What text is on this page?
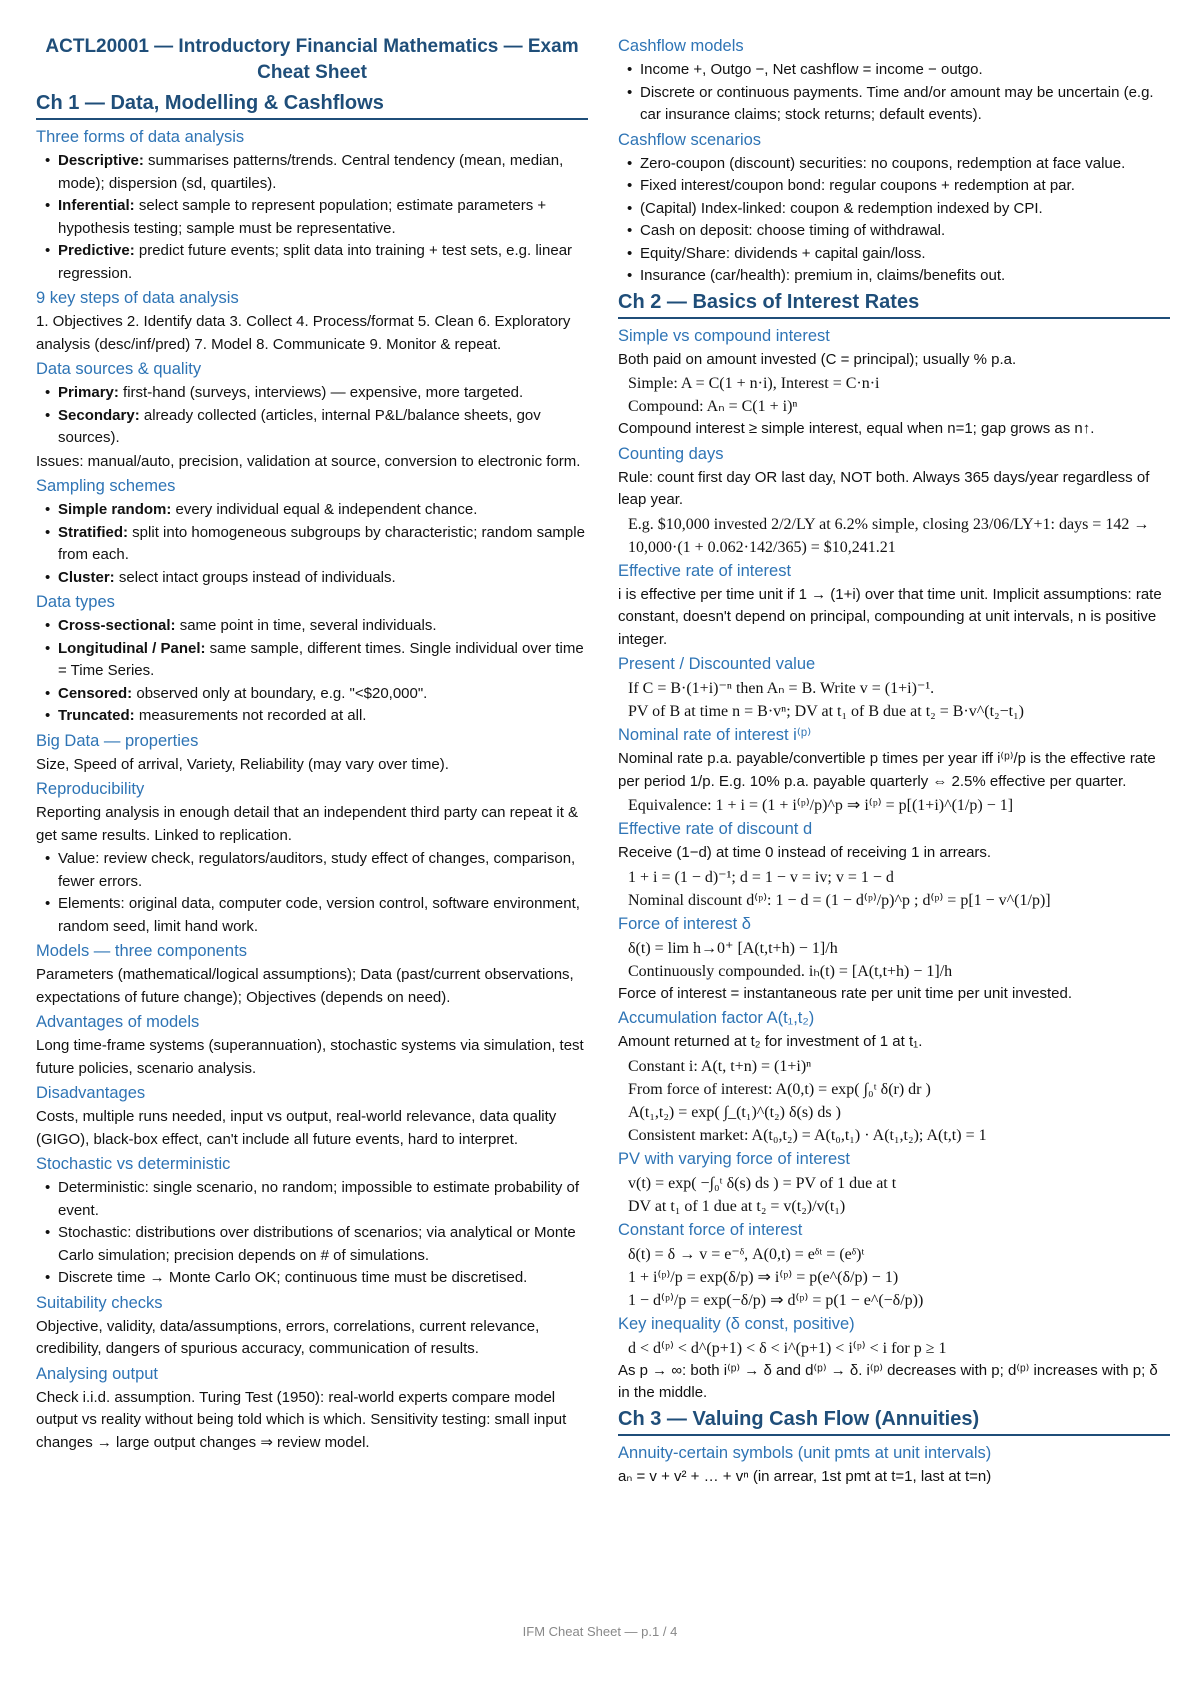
ACTL20001 — Introductory Financial Mathematics — Exam Cheat Sheet
Ch 1 — Data, Modelling & Cashflows
Three forms of data analysis
• Descriptive: summarises patterns/trends. Central tendency (mean, median, mode); dispersion (sd, quartiles).
• Inferential: select sample to represent population; estimate parameters + hypothesis testing; sample must be representative.
• Predictive: predict future events; split data into training + test sets, e.g. linear regression.
9 key steps of data analysis

1. Objectives 2. Identify data 3. Collect 4. Process/format 5. Clean 6. Exploratory analysis (desc/inf/pred) 7. Model 8. Communicate 9. Monitor & repeat.

Data sources & quality
• Primary: first-hand (surveys, interviews) — expensive, more targeted.
• Secondary: already collected (articles, internal P&L/balance sheets, gov sources).

Issues: manual/auto, precision, validation at source, conversion to electronic form.

Sampling schemes
• Simple random: every individual equal & independent chance.
• Stratified: split into homogeneous subgroups by characteristic; random sample from each.
• Cluster: select intact groups instead of individuals.
Data types
• Cross-sectional: same point in time, several individuals.
• Longitudinal / Panel: same sample, different times. Single individual over time = Time Series.
• Censored: observed only at boundary, e.g. "<$20,000".
• Truncated: measurements not recorded at all.
Big Data — properties

Size, Speed of arrival, Variety, Reliability (may vary over time).

Reproducibility

Reporting analysis in enough detail that an independent third party can repeat it & get same results. Linked to replication.

• Value: review check, regulators/auditors, study effect of changes, comparison, fewer errors.
• Elements: original data, computer code, version control, software environment, random seed, limit hand work.
Models — three components

Parameters (mathematical/logical assumptions); Data (past/current observations, expectations of future change); Objectives (depends on need).

Advantages of models

Long time-frame systems (superannuation), stochastic systems via simulation, test future policies, scenario analysis.

Disadvantages

Costs, multiple runs needed, input vs output, real-world relevance, data quality (GIGO), black-box effect, can't include all future events, hard to interpret.

Stochastic vs deterministic
• Deterministic: single scenario, no random; impossible to estimate probability of event.
• Stochastic: distributions over distributions of scenarios; via analytical or Monte Carlo simulation; precision depends on # of simulations.
• Discrete time → Monte Carlo OK; continuous time must be discretised.
Suitability checks

Objective, validity, data/assumptions, errors, correlations, current relevance, credibility, dangers of spurious accuracy, communication of results.

Analysing output

Check i.i.d. assumption. Turing Test (1950): real-world experts compare model output vs reality without being told which is which. Sensitivity testing: small input changes → large output changes ⇒ review model.

Cashflow models
• Income +, Outgo −, Net cashflow = income − outgo.
• Discrete or continuous payments. Time and/or amount may be uncertain (e.g. car insurance claims; stock returns; default events).
Cashflow scenarios
• Zero-coupon (discount) securities: no coupons, redemption at face value.
• Fixed interest/coupon bond: regular coupons + redemption at par.
• (Capital) Index-linked: coupon & redemption indexed by CPI.
• Cash on deposit: choose timing of withdrawal.
• Equity/Share: dividends + capital gain/loss.
• Insurance (car/health): premium in, claims/benefits out.
Ch 2 — Basics of Interest Rates
Simple vs compound interest

Both paid on amount invested (C = principal); usually % p.a.

Simple: A = C(1 + n·i), Interest = C·n·i
Compound: Aₙ = C(1 + i)ⁿ

Compound interest ≥ simple interest, equal when n=1; gap grows as n↑.

Counting days

Rule: count first day OR last day, NOT both. Always 365 days/year regardless of leap year.

E.g. $10,000 invested 2/2/LY at 6.2% simple, closing 23/06/LY+1: days = 142 → 10,000·(1 + 0.062·142/365) = $10,241.21
Effective rate of interest

i is effective per time unit if 1 → (1+i) over that time unit. Implicit assumptions: rate constant, doesn't depend on principal, compounding at unit intervals, n is positive integer.

Present / Discounted value
If C = B·(1+i)⁻ⁿ then Aₙ = B. Write v = (1+i)⁻¹.
PV of B at time n = B·vⁿ; DV at t₁ of B due at t₂ = B·v^(t₂−t₁)
Nominal rate of interest i⁽ᵖ⁾

Nominal rate p.a. payable/convertible p times per year iff i⁽ᵖ⁾/p is the effective rate per period 1/p. E.g. 10% p.a. payable quarterly ⇔ 2.5% effective per quarter.

Equivalence: 1 + i = (1 + i⁽ᵖ⁾/p)^p ⇒ i⁽ᵖ⁾ = p[(1+i)^(1/p) − 1]
Effective rate of discount d

Receive (1−d) at time 0 instead of receiving 1 in arrears.

1 + i = (1 − d)⁻¹; d = 1 − v = iv; v = 1 − d
Nominal discount d⁽ᵖ⁾: 1 − d = (1 − d⁽ᵖ⁾/p)^p ; d⁽ᵖ⁾ = p[1 − v^(1/p)]
Force of interest δ
δ(t) = lim h→0⁺ [A(t,t+h) − 1]/h
Continuously compounded. iₕ(t) = [A(t,t+h) − 1]/h

Force of interest = instantaneous rate per unit time per unit invested.

Accumulation factor A(t₁,t₂)

Amount returned at t₂ for investment of 1 at t₁.

Constant i: A(t, t+n) = (1+i)ⁿ
From force of interest: A(0,t) = exp( ∫₀ᵗ δ(r) dr )
A(t₁,t₂) = exp( ∫_(t₁)^(t₂) δ(s) ds )
Consistent market: A(t₀,t₂) = A(t₀,t₁) · A(t₁,t₂); A(t,t) = 1
PV with varying force of interest
v(t) = exp( −∫₀ᵗ δ(s) ds ) = PV of 1 due at t
DV at t₁ of 1 due at t₂ = v(t₂)/v(t₁)
Constant force of interest
δ(t) = δ → v = e⁻ᵟ, A(0,t) = eᵟᵗ = (eᵟ)ᵗ
1 + i⁽ᵖ⁾/p = exp(δ/p) ⇒ i⁽ᵖ⁾ = p(e^(δ/p) − 1)
1 − d⁽ᵖ⁾/p = exp(−δ/p) ⇒ d⁽ᵖ⁾ = p(1 − e^(−δ/p))
Key inequality (δ const, positive)
d < d⁽ᵖ⁾ < d^(p+1) < δ < i^(p+1) < i⁽ᵖ⁾ < i for p ≥ 1

As p → ∞: both i⁽ᵖ⁾ → δ and d⁽ᵖ⁾ → δ. i⁽ᵖ⁾ decreases with p; d⁽ᵖ⁾ increases with p; δ in the middle.

Ch 3 — Valuing Cash Flow (Annuities)
Annuity-certain symbols (unit pmts at unit intervals)

aₙ = v + v² + … + vⁿ (in arrear, 1st pmt at t=1, last at t=n)

IFM Cheat Sheet — p.1 / 4
